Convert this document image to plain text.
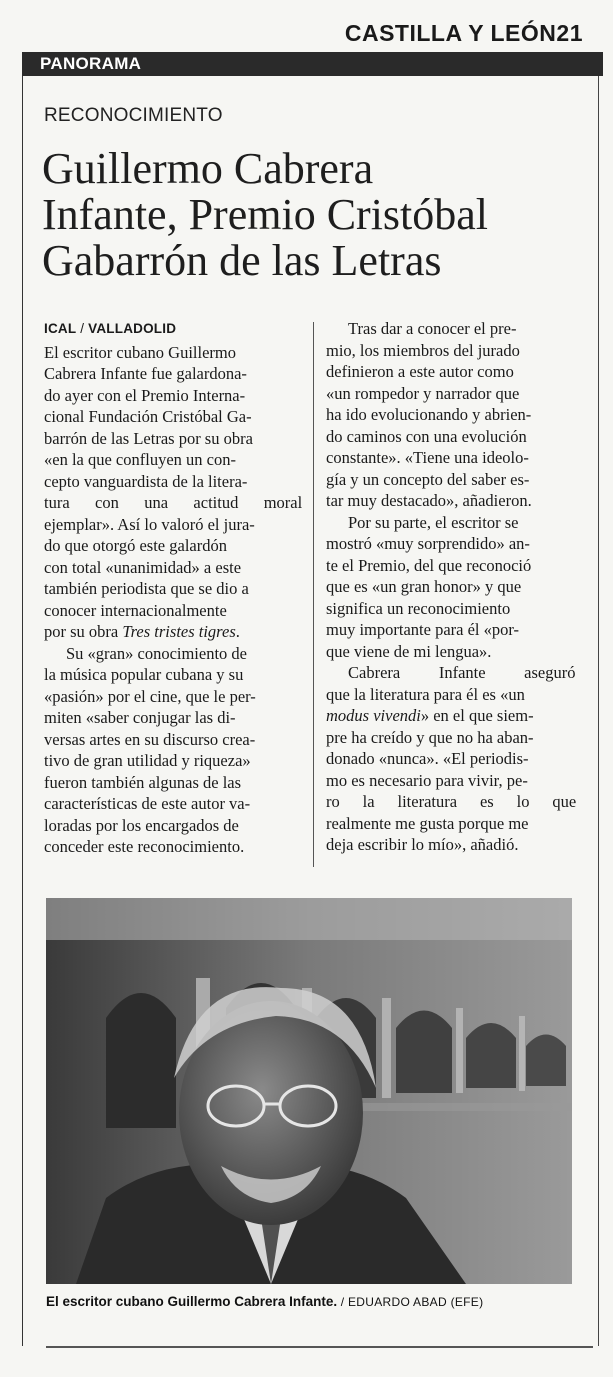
CASTILLA Y LEÓN21
PANORAMA
RECONOCIMIENTO
Guillermo Cabrera
Infante, Premio Cristóbal
Gabarrón de las Letras
ICAL / VALLADOLID
El escritor cubano Guillermo
Cabrera Infante fue galardona-
do ayer con el Premio Interna-
cional Fundación Cristóbal Ga-
barrón de las Letras por su obra
«en la que confluyen un con-
cepto vanguardista de la litera-
tura con una actitud moral
ejemplar». Así lo valoró el jura-
do que otorgó este galardón
con total «unanimidad» a este
también periodista que se dio a
conocer internacionalmente
por su obra Tres tristes tigres.
Su «gran» conocimiento de
la música popular cubana y su
«pasión» por el cine, que le per-
miten «saber conjugar las di-
versas artes en su discurso crea-
tivo de gran utilidad y riqueza»
fueron también algunas de las
características de este autor va-
loradas por los encargados de
conceder este reconocimiento.
Tras dar a conocer el pre-
mio, los miembros del jurado
definieron a este autor como
«un rompedor y narrador que
ha ido evolucionando y abrien-
do caminos con una evolución
constante». «Tiene una ideolo-
gía y un concepto del saber es-
tar muy destacado», añadieron.
Por su parte, el escritor se
mostró «muy sorprendido» an-
te el Premio, del que reconoció
que es «un gran honor» y que
significa un reconocimiento
muy importante para él «por-
que viene de mi lengua».
Cabrera Infante aseguró
que la literatura para él es «un
modus vivendi» en el que siem-
pre ha creído y que no ha aban-
donado «nunca». «El periodis-
mo es necesario para vivir, pe-
ro la literatura es lo que
realmente me gusta porque me
deja escribir lo mío», añadió.
El escritor cubano Guillermo Cabrera Infante. / EDUARDO ABAD (EFE)
